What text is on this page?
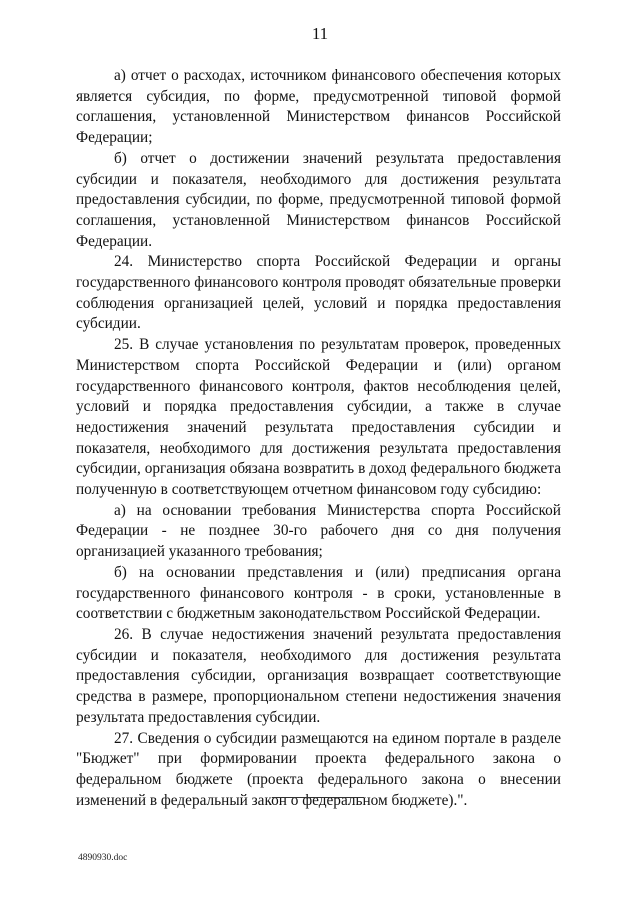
11

а) отчет о расходах, источником финансового обеспечения которых является субсидия, по форме, предусмотренной типовой формой соглашения, установленной Министерством финансов Российской Федерации;

б) отчет о достижении значений результата предоставления субсидии и показателя, необходимого для достижения результата предоставления субсидии, по форме, предусмотренной типовой формой соглашения, установленной Министерством финансов Российской Федерации.

24. Министерство спорта Российской Федерации и органы государственного финансового контроля проводят обязательные проверки соблюдения организацией целей, условий и порядка предоставления субсидии.

25. В случае установления по результатам проверок, проведенных Министерством спорта Российской Федерации и (или) органом государственного финансового контроля, фактов несоблюдения целей, условий и порядка предоставления субсидии, а также в случае недостижения значений результата предоставления субсидии и показателя, необходимого для достижения результата предоставления субсидии, организация обязана возвратить в доход федерального бюджета полученную в соответствующем отчетном финансовом году субсидию:

а) на основании требования Министерства спорта Российской Федерации - не позднее 30-го рабочего дня со дня получения организацией указанного требования;

б) на основании представления и (или) предписания органа государственного финансового контроля - в сроки, установленные в соответствии с бюджетным законодательством Российской Федерации.

26. В случае недостижения значений результата предоставления субсидии и показателя, необходимого для достижения результата предоставления субсидии, организация возвращает соответствующие средства в размере, пропорциональном степени недостижения значения результата предоставления субсидии.

27. Сведения о субсидии размещаются на едином портале в разделе "Бюджет" при формировании проекта федерального закона о федеральном бюджете (проекта федерального закона о внесении изменений в федеральный закон о федеральном бюджете).".

4890930.doc
